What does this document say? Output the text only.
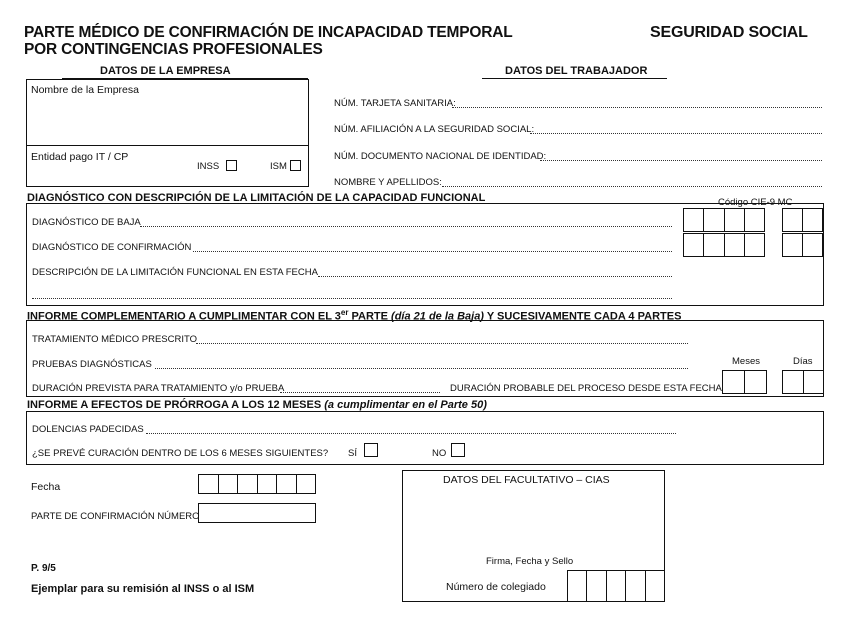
PARTE MÉDICO DE CONFIRMACIÓN DE INCAPACIDAD TEMPORAL
POR CONTINGENCIAS PROFESIONALES
SEGURIDAD SOCIAL
DATOS DE LA EMPRESA
Nombre de la Empresa
Entidad pago IT / CP
INSS	ISM
DATOS DEL TRABAJADOR
NÚM. TARJETA SANITARIA:
NÚM. AFILIACIÓN A LA SEGURIDAD SOCIAL:
NÚM. DOCUMENTO NACIONAL DE IDENTIDAD:
NOMBRE Y APELLIDOS:
DIAGNÓSTICO CON DESCRIPCIÓN DE LA LIMITACIÓN DE LA CAPACIDAD FUNCIONAL	Código CIE-9 MC
DIAGNÓSTICO DE BAJA
DIAGNÓSTICO DE CONFIRMACIÓN
DESCRIPCIÓN DE LA LIMITACIÓN FUNCIONAL EN ESTA FECHA
INFORME COMPLEMENTARIO A CUMPLIMENTAR CON EL 3er PARTE (día 21 de la Baja) Y SUCESIVAMENTE CADA 4 PARTES
TRATAMIENTO MÉDICO PRESCRITO
PRUEBAS DIAGNÓSTICAS	Meses	Días
DURACIÓN PREVISTA PARA TRATAMIENTO y/o PRUEBA	DURACIÓN PROBABLE DEL PROCESO DESDE ESTA FECHA
INFORME A EFECTOS DE PRÓRROGA A LOS 12 MESES (a cumplimentar en el Parte 50)
DOLENCIAS PADECIDAS
¿SE PREVÉ CURACIÓN DENTRO DE LOS 6 MESES SIGUIENTES? SÍ	NO
Fecha
PARTE DE CONFIRMACIÓN NÚMERO
P. 9/5
Ejemplar para su remisión al INSS o al ISM
DATOS DEL FACULTATIVO – CIAS
Firma, Fecha y Sello
Número de colegiado
